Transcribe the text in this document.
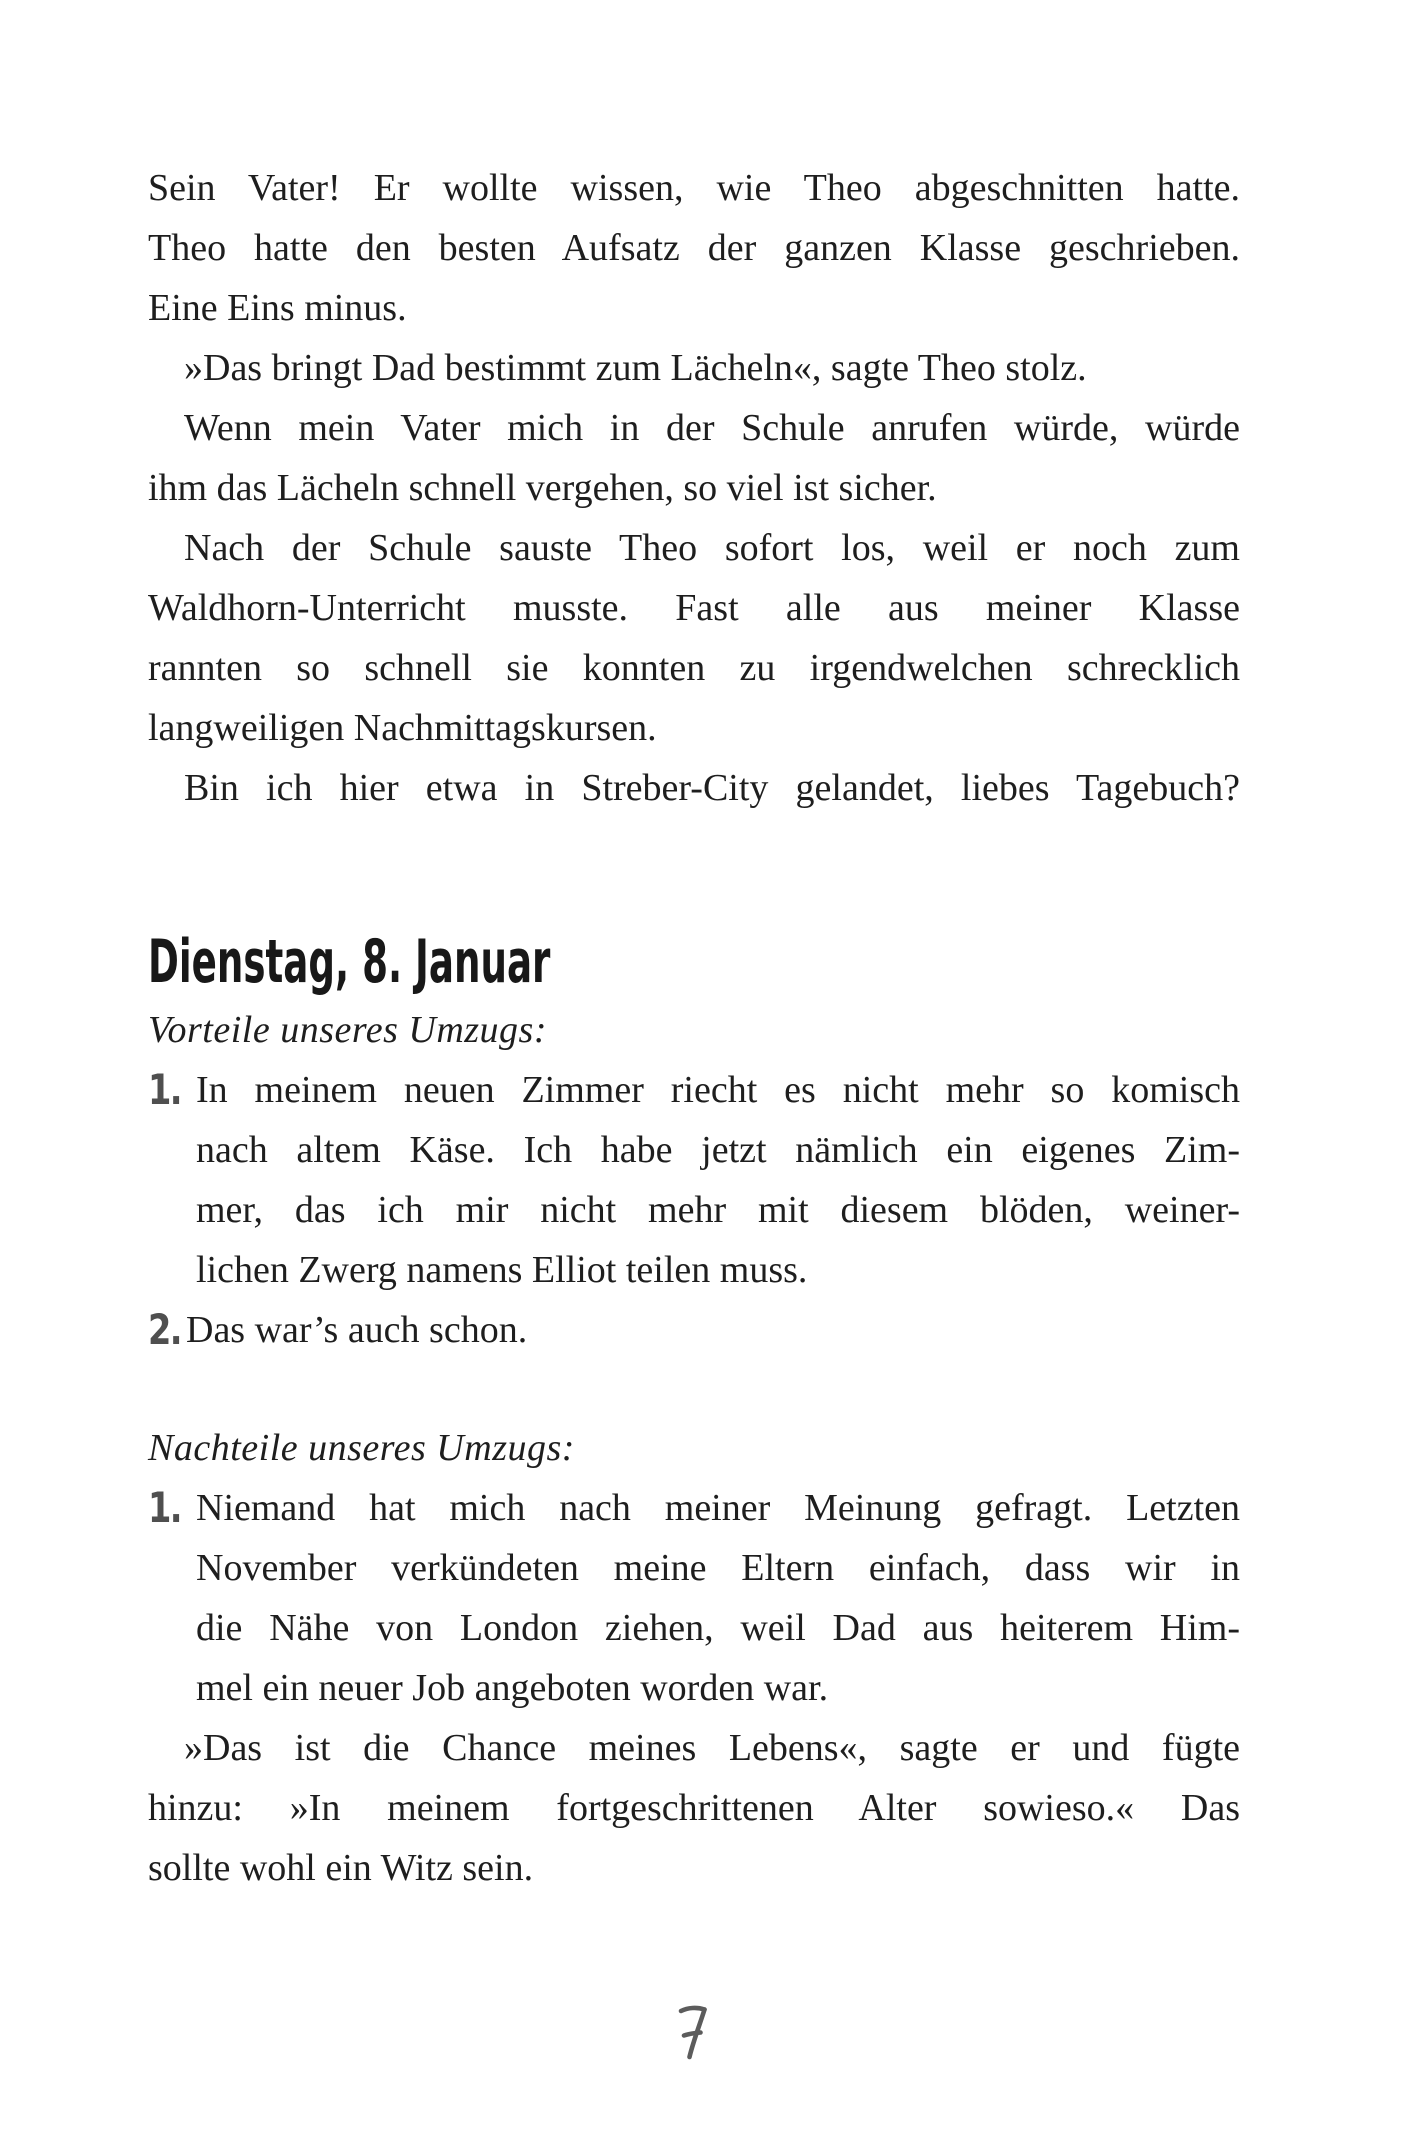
Sein Vater! Er wollte wissen, wie Theo abgeschnitten hatte.
Theo hatte den besten Aufsatz der ganzen Klasse geschrieben.
Eine Eins minus.
»Das bringt Dad bestimmt zum Lächeln«, sagte Theo stolz.
Wenn mein Vater mich in der Schule anrufen würde, würde
ihm das Lächeln schnell vergehen, so viel ist sicher.
Nach der Schule sauste Theo sofort los, weil er noch zum
Waldhorn-Unterricht musste. Fast alle aus meiner Klasse
rannten so schnell sie konnten zu irgendwelchen schrecklich
langweiligen Nachmittagskursen.
Bin ich hier etwa in Streber-City gelandet, liebes Tagebuch?
Dienstag, 8. Januar
Vorteile unseres Umzugs:
1. In meinem neuen Zimmer riecht es nicht mehr so komisch
nach altem Käse. Ich habe jetzt nämlich ein eigenes Zim-
mer, das ich mir nicht mehr mit diesem blöden, weiner-
lichen Zwerg namens Elliot teilen muss.
2. Das war’s auch schon.
Nachteile unseres Umzugs:
1. Niemand hat mich nach meiner Meinung gefragt. Letzten
November verkündeten meine Eltern einfach, dass wir in
die Nähe von London ziehen, weil Dad aus heiterem Him-
mel ein neuer Job angeboten worden war.
»Das ist die Chance meines Lebens«, sagte er und fügte
hinzu: »In meinem fortgeschrittenen Alter sowieso.« Das
sollte wohl ein Witz sein.
